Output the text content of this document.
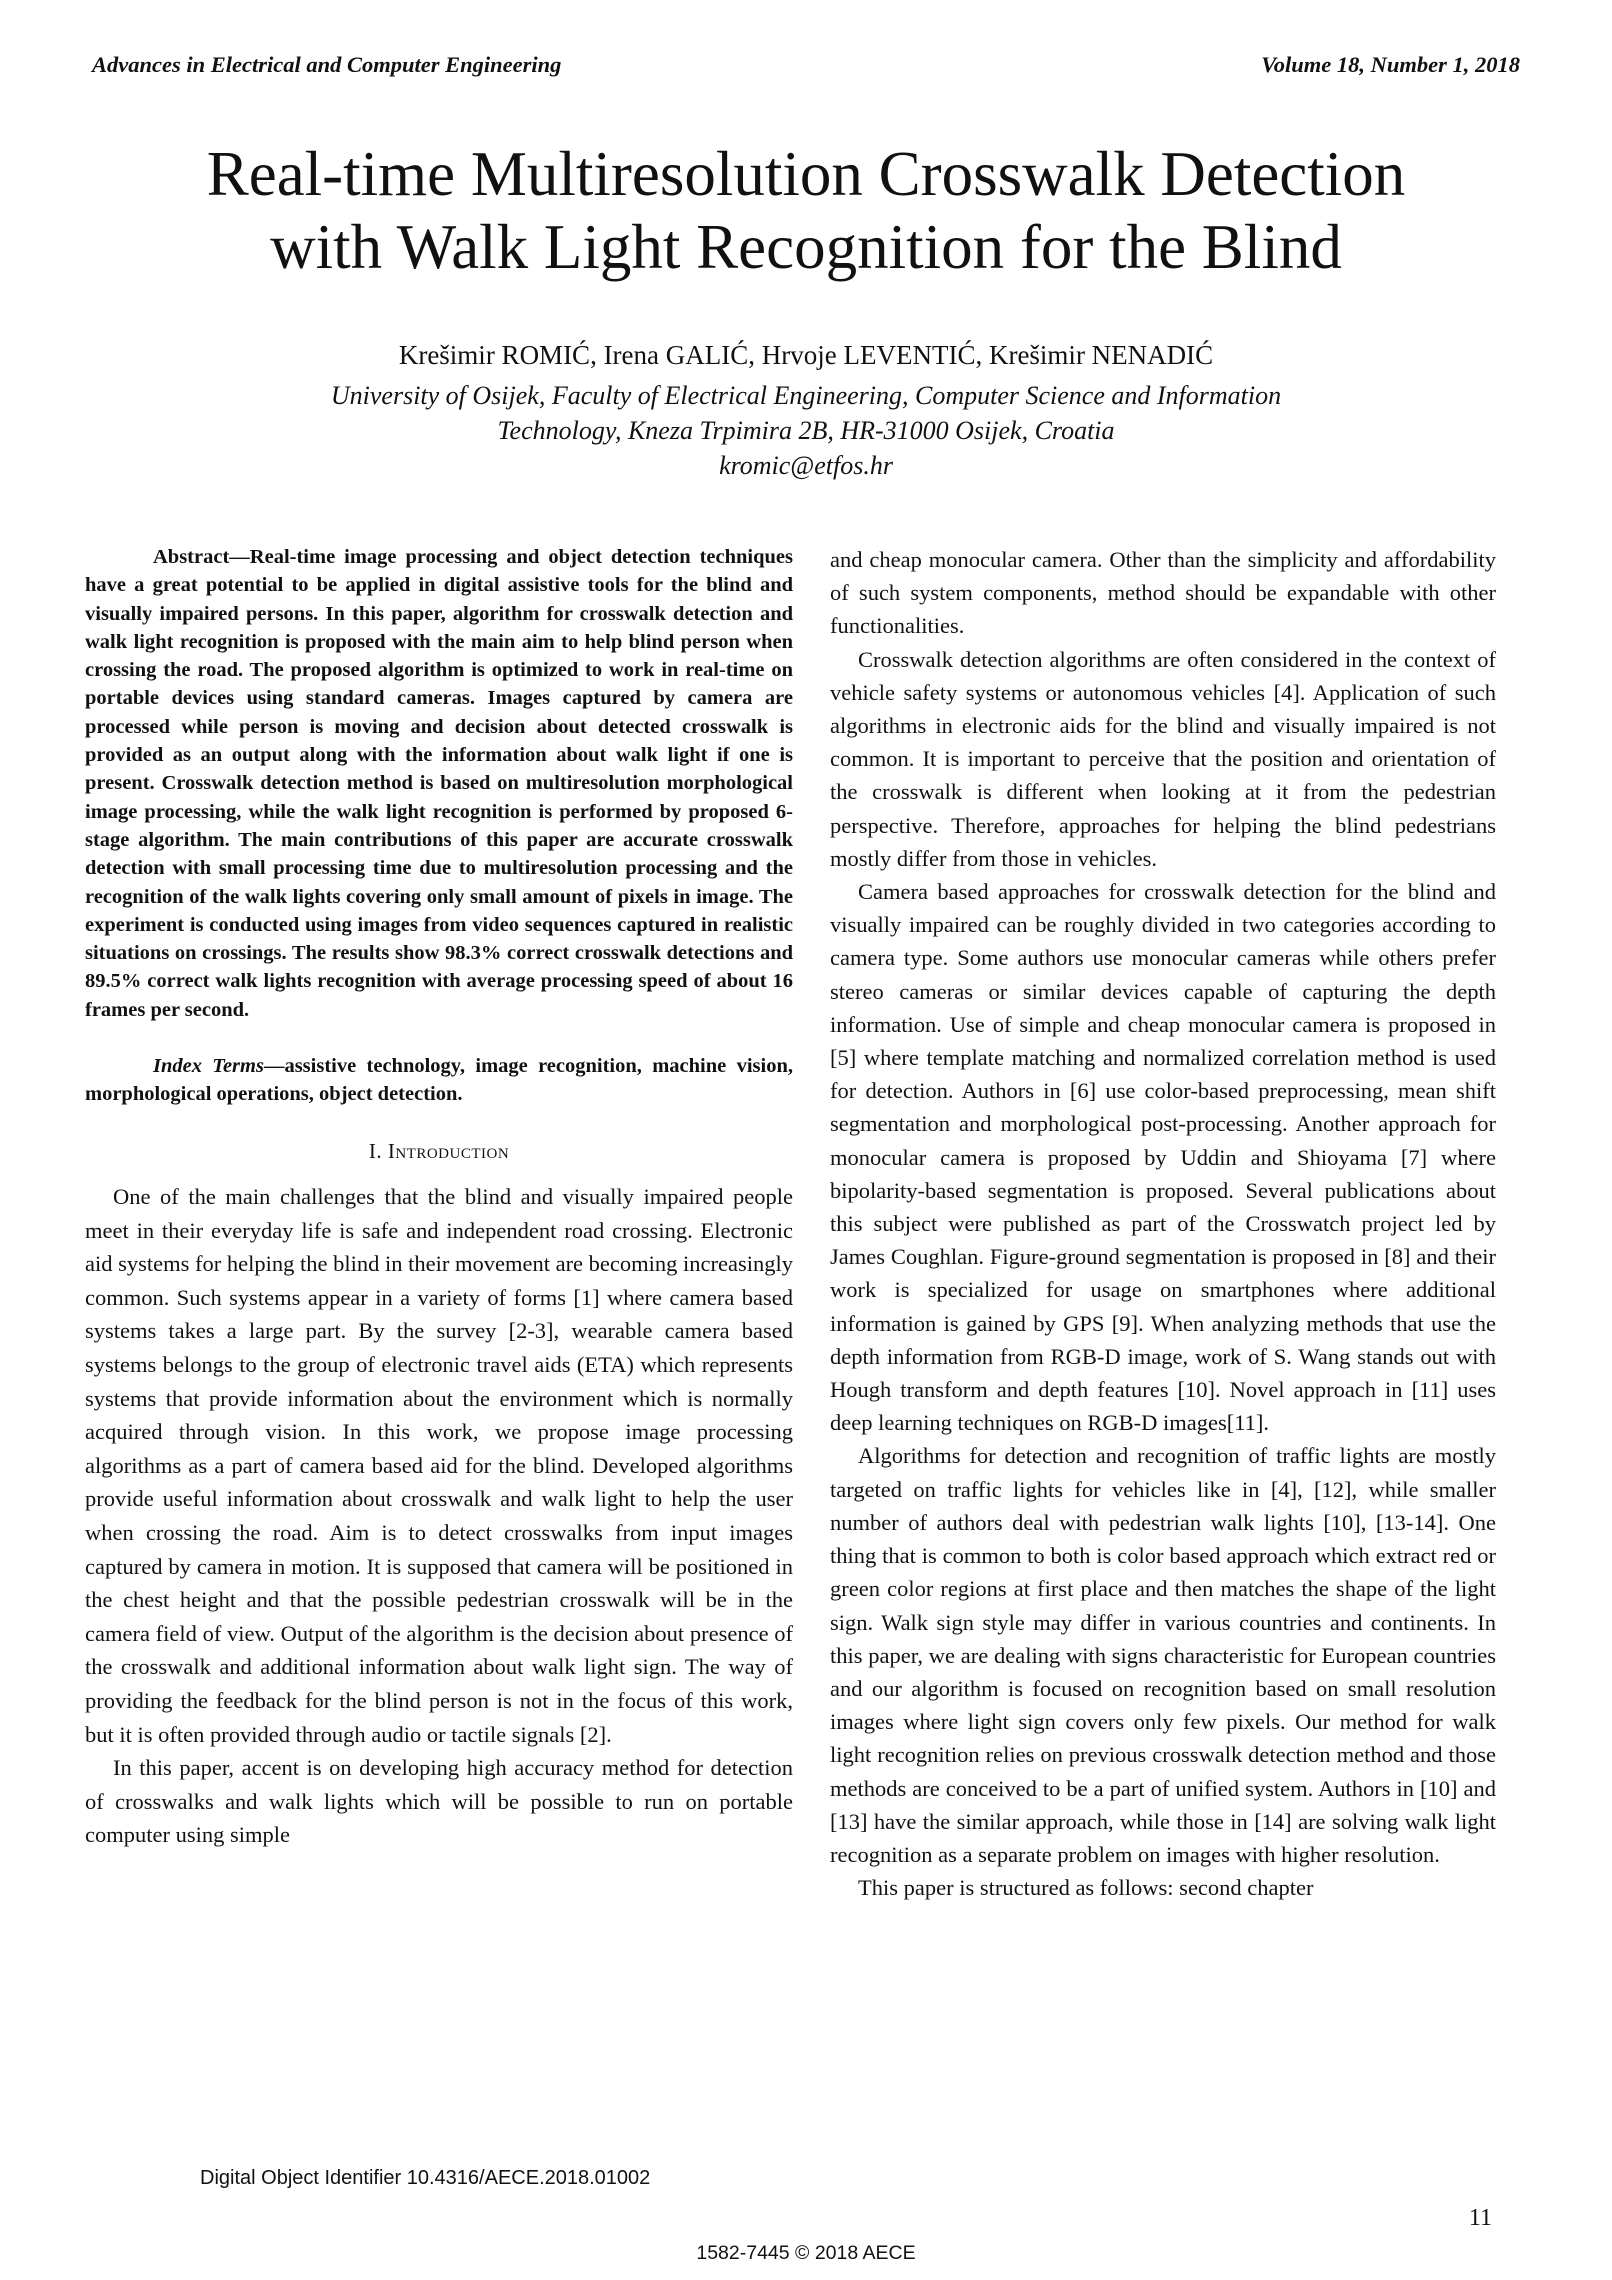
Advances in Electrical and Computer Engineering	Volume 18, Number 1, 2018
Real-time Multiresolution Crosswalk Detection
with Walk Light Recognition for the Blind
Krešimir ROMIĆ, Irena GALIĆ, Hrvoje LEVENTIĆ, Krešimir NENADIĆ
University of Osijek, Faculty of Electrical Engineering, Computer Science and Information
Technology, Kneza Trpimira 2B, HR-31000 Osijek, Croatia
kromic@etfos.hr

Abstract—Real-time image processing and object detection techniques have a great potential to be applied in digital assistive tools for the blind and visually impaired persons. In this paper, algorithm for crosswalk detection and walk light recognition is proposed with the main aim to help blind person when crossing the road. The proposed algorithm is optimized to work in real-time on portable devices using standard cameras. Images captured by camera are processed while person is moving and decision about detected crosswalk is provided as an output along with the information about walk light if one is present. Crosswalk detection method is based on multiresolution morphological image processing, while the walk light recognition is performed by proposed 6-stage algorithm. The main contributions of this paper are accurate crosswalk detection with small processing time due to multiresolution processing and the recognition of the walk lights covering only small amount of pixels in image. The experiment is conducted using images from video sequences captured in realistic situations on crossings. The results show 98.3% correct crosswalk detections and 89.5% correct walk lights recognition with average processing speed of about 16 frames per second.

Index Terms—assistive technology, image recognition, machine vision, morphological operations, object detection.

I. Introduction

One of the main challenges that the blind and visually impaired people meet in their everyday life is safe and independent road crossing. Electronic aid systems for helping the blind in their movement are becoming increasingly common. Such systems appear in a variety of forms [1] where camera based systems takes a large part. By the survey [2-3], wearable camera based systems belongs to the group of electronic travel aids (ETA) which represents systems that provide information about the environment which is normally acquired through vision. In this work, we propose image processing algorithms as a part of camera based aid for the blind. Developed algorithms provide useful information about crosswalk and walk light to help the user when crossing the road. Aim is to detect crosswalks from input images captured by camera in motion. It is supposed that camera will be positioned in the chest height and that the possible pedestrian crosswalk will be in the camera field of view. Output of the algorithm is the decision about presence of the crosswalk and additional information about walk light sign. The way of providing the feedback for the blind person is not in the focus of this work, but it is often provided through audio or tactile signals [2].

In this paper, accent is on developing high accuracy method for detection of crosswalks and walk lights which will be possible to run on portable computer using simple

and cheap monocular camera. Other than the simplicity and affordability of such system components, method should be expandable with other functionalities.

Crosswalk detection algorithms are often considered in the context of vehicle safety systems or autonomous vehicles [4]. Application of such algorithms in electronic aids for the blind and visually impaired is not common. It is important to perceive that the position and orientation of the crosswalk is different when looking at it from the pedestrian perspective. Therefore, approaches for helping the blind pedestrians mostly differ from those in vehicles.

Camera based approaches for crosswalk detection for the blind and visually impaired can be roughly divided in two categories according to camera type. Some authors use monocular cameras while others prefer stereo cameras or similar devices capable of capturing the depth information. Use of simple and cheap monocular camera is proposed in [5] where template matching and normalized correlation method is used for detection. Authors in [6] use color-based preprocessing, mean shift segmentation and morphological post-processing. Another approach for monocular camera is proposed by Uddin and Shioyama [7] where bipolarity-based segmentation is proposed. Several publications about this subject were published as part of the Crosswatch project led by James Coughlan. Figure-ground segmentation is proposed in [8] and their work is specialized for usage on smartphones where additional information is gained by GPS [9]. When analyzing methods that use the depth information from RGB-D image, work of S. Wang stands out with Hough transform and depth features [10]. Novel approach in [11] uses deep learning techniques on RGB-D images[11].

Algorithms for detection and recognition of traffic lights are mostly targeted on traffic lights for vehicles like in [4], [12], while smaller number of authors deal with pedestrian walk lights [10], [13-14]. One thing that is common to both is color based approach which extract red or green color regions at first place and then matches the shape of the light sign. Walk sign style may differ in various countries and continents. In this paper, we are dealing with signs characteristic for European countries and our algorithm is focused on recognition based on small resolution images where light sign covers only few pixels. Our method for walk light recognition relies on previous crosswalk detection method and those methods are conceived to be a part of unified system. Authors in [10] and [13] have the similar approach, while those in [14] are solving walk light recognition as a separate problem on images with higher resolution.

This paper is structured as follows: second chapter

Digital Object Identifier 10.4316/AECE.2018.01002
11
1582-7445 © 2018 AECE
